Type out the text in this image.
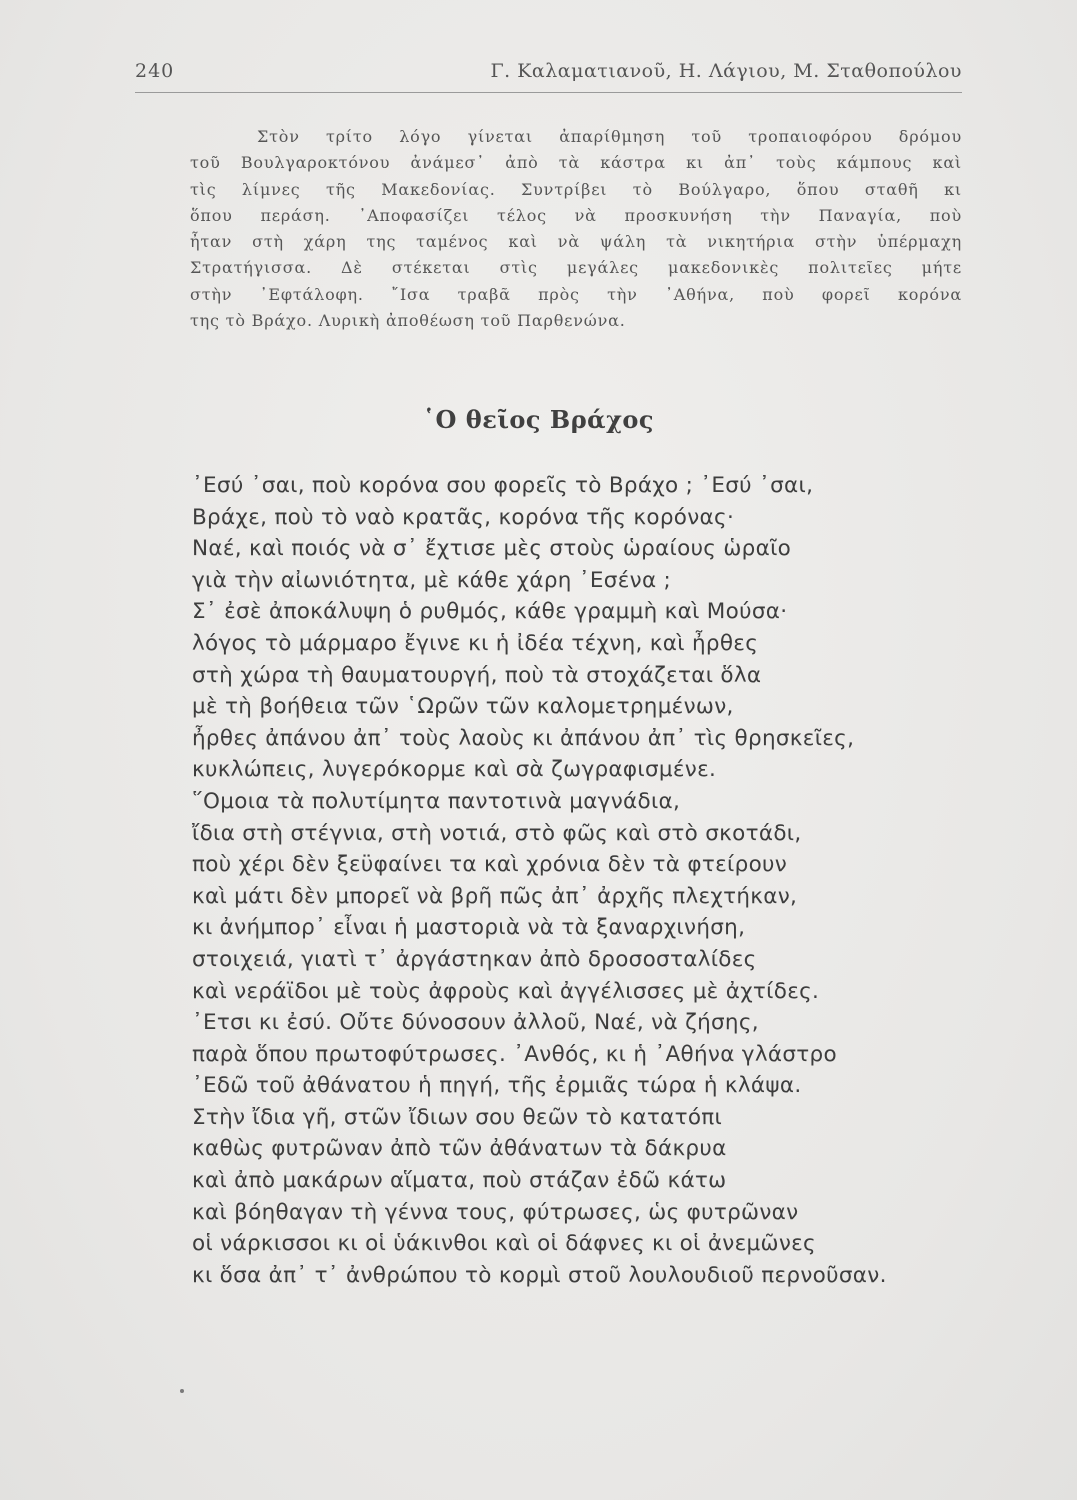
240	Γ. Καλαματιανοῦ, Η. Λάγιου, Μ. Σταθοπούλου
Στὸν τρίτο λόγο γίνεται ἀπαρίθμηση τοῦ τροπαιοφόρου δρόμου
τοῦ Βουλγαροκτόνου ἀνάμεσ᾽ ἀπὸ τὰ κάστρα κι ἀπ᾽ τοὺς κάμπους καὶ
τὶς λίμνες τῆς Μακεδονίας. Συντρίβει τὸ Βούλγαρο, ὅπου σταθῆ κι
ὅπου περάση. ᾽Αποφασίζει τέλος νὰ προσκυνήση τὴν Παναγία, ποὺ
ἦταν στὴ χάρη της ταμένος καὶ νὰ ψάλη τὰ νικητήρια στὴν ὑπέρμαχη
Στρατήγισσα. Δὲ στέκεται στὶς μεγάλες μακεδονικὲς πολιτεῖες μήτε
στὴν ᾽Εφτάλοφη. ῎Ισα τραβᾶ πρὸς τὴν ᾽Αθήνα, ποὺ φορεῖ κορόνα
της τὸ Βράχο. Λυρικὴ ἀποθέωση τοῦ Παρθενώνα.
῾Ο θεῖος Βράχος
᾽Εσύ ᾽σαι, ποὺ κορόνα σου φορεῖς τὸ Βράχο ; ᾽Εσύ ᾽σαι,
Βράχε, ποὺ τὸ ναὸ κρατᾶς, κορόνα τῆς κορόνας·
Ναέ, καὶ ποιός νὰ σ᾽ ἔχτισε μὲς στοὺς ὡραίους ὡραῖο
γιὰ τὴν αἰωνιότητα, μὲ κάθε χάρη ᾽Εσένα ;
Σ᾽ ἐσὲ ἀποκάλυψη ὁ ρυθμός, κάθε γραμμὴ καὶ Μούσα·
λόγος τὸ μάρμαρο ἔγινε κι ἡ ἰδέα τέχνη, καὶ ἦρθες
στὴ χώρα τὴ θαυματουργή, ποὺ τὰ στοχάζεται ὅλα
μὲ τὴ βοήθεια τῶν ῾Ωρῶν τῶν καλομετρημένων,
ἦρθες ἀπάνου ἀπ᾽ τοὺς λαοὺς κι ἀπάνου ἀπ᾽ τὶς θρησκεῖες,
κυκλώπεις, λυγερόκορμε καὶ σὰ ζωγραφισμένε.
῞Ομοια τὰ πολυτίμητα παντοτινὰ μαγνάδια,
ἴδια στὴ στέγνια, στὴ νοτιά, στὸ φῶς καὶ στὸ σκοτάδι,
ποὺ χέρι δὲν ξεϋφαίνει τα καὶ χρόνια δὲν τὰ φτείρουν
καὶ μάτι δὲν μπορεῖ νὰ βρῆ πῶς ἀπ᾽ ἀρχῆς πλεχτήκαν,
κι ἀνήμπορ᾽ εἶναι ἡ μαστοριὰ νὰ τὰ ξαναρχινήση,
στοιχειά, γιατὶ τ᾽ ἀργάστηκαν ἀπὸ δροσοσταλίδες
καὶ νεράϊδοι μὲ τοὺς ἀφροὺς καὶ ἀγγέλισσες μὲ ἀχτίδες.
᾽Ετσι κι ἐσύ. Οὔτε δύνοσουν ἀλλοῦ, Ναέ, νὰ ζήσης,
παρὰ ὅπου πρωτοφύτρωσες. ᾽Ανθός, κι ἡ ᾽Αθήνα γλάστρο
᾽Εδῶ τοῦ ἀθάνατου ἡ πηγή, τῆς ἐρμιᾶς τώρα ἡ κλάψα.
Στὴν ἴδια γῆ, στῶν ἴδιων σου θεῶν τὸ κατατόπι
καθὼς φυτρῶναν ἀπὸ τῶν ἀθάνατων τὰ δάκρυα
καὶ ἀπὸ μακάρων αἵματα, ποὺ στάζαν ἐδῶ κάτω
καὶ βόηθαγαν τὴ γέννα τους, φύτρωσες, ὡς φυτρῶναν
οἱ νάρκισσοι κι οἱ ὑάκινθοι καὶ οἱ δάφνες κι οἱ ἀνεμῶνες
κι ὅσα ἀπ᾽ τ᾽ ἀνθρώπου τὸ κορμὶ στοῦ λουλουδιοῦ περνοῦσαν.
